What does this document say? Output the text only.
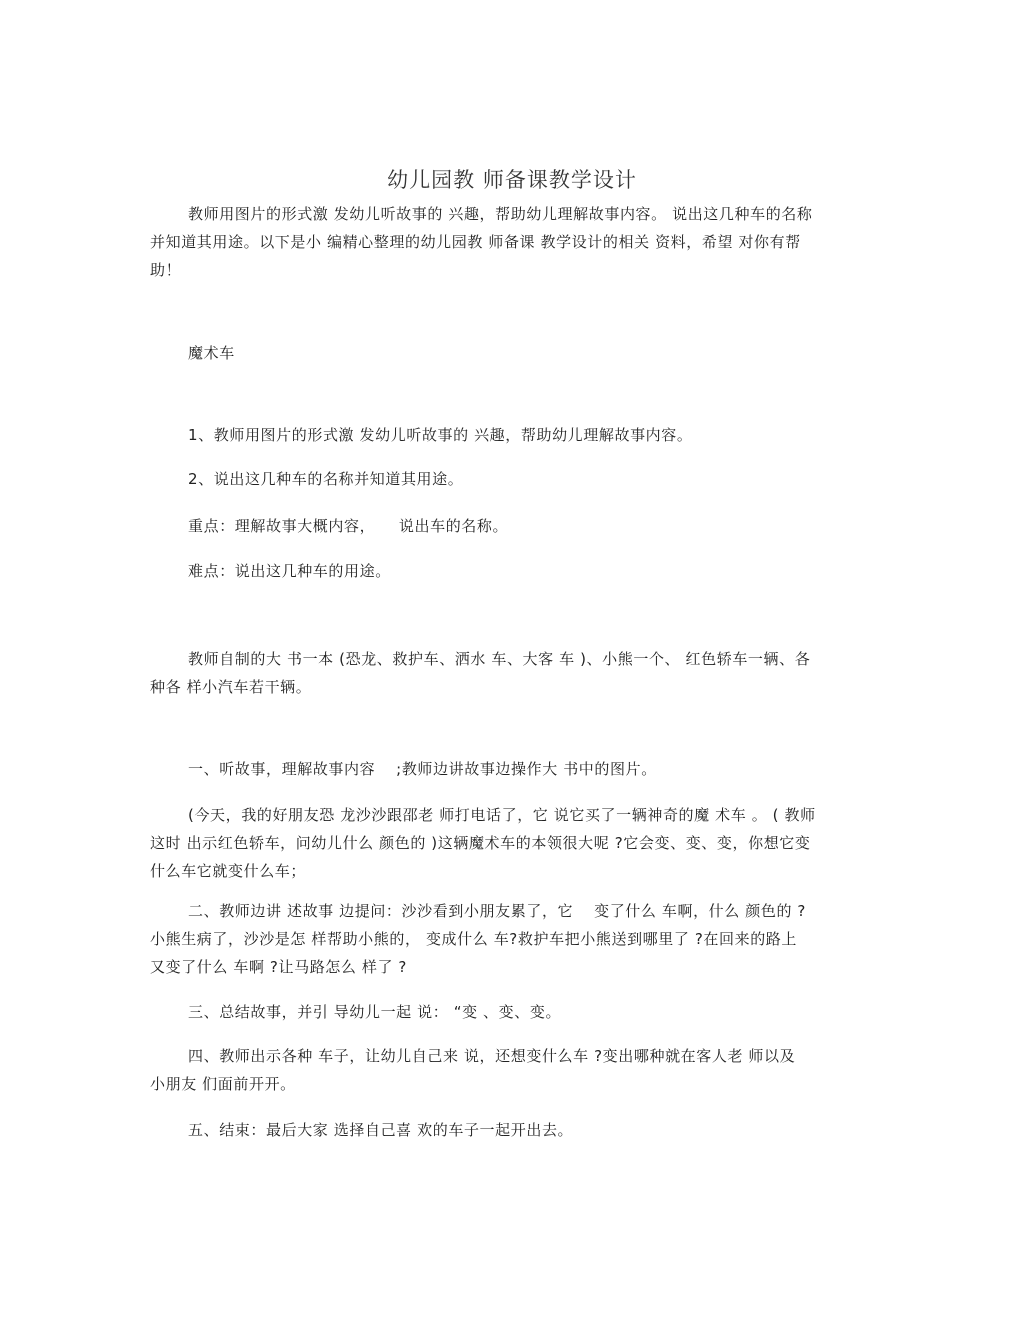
幼儿园教 师备课教学设计
教师用图片的形式激 发幼儿听故事的 兴趣，帮助幼儿理解故事内容。 说出这几种车的名称
并知道其用途。以下是小 编精心整理的幼儿园教 师备课 教学设计的相关 资料，希望 对你有帮
助！
魔术车
1、教师用图片的形式激 发幼儿听故事的 兴趣，帮助幼儿理解故事内容。
2、说出这几种车的名称并知道其用途。
重点：理解故事大概内容，　　说出车的名称。
难点：说出这几种车的用途。
教师自制的大 书一本 (恐龙、救护车、洒水 车、大客 车 )、小熊一个、 红色轿车一辆、各
种各 样小汽车若干辆。
一、听故事，理解故事内容　 ;教师边讲故事边操作大 书中的图片。
(今天，我的好朋友恐 龙沙沙跟邵老 师打电话了，它 说它买了一辆神奇的魔 术车 。 ( 教师
这时 出示红色轿车，问幼儿什么 颜色的 )这辆魔术车的本领很大呢 ?它会变、变、变，你想它变
什么车它就变什么车；
二、教师边讲 述故事 边提问：沙沙看到小朋友累了，它　 变了什么 车啊，什么 颜色的 ?
小熊生病了，沙沙是怎 样帮助小熊的， 变成什么 车?救护车把小熊送到哪里了 ?在回来的路上
又变了什么 车啊 ?让马路怎么 样了 ?
三、总结故事，并引 导幼儿一起 说： “变 、变、变。
四、教师出示各种 车子，让幼儿自己来 说，还想变什么车 ?变出哪种就在客人老 师以及
小朋友 们面前开开。
五、结束：最后大家 选择自己喜 欢的车子一起开出去。
